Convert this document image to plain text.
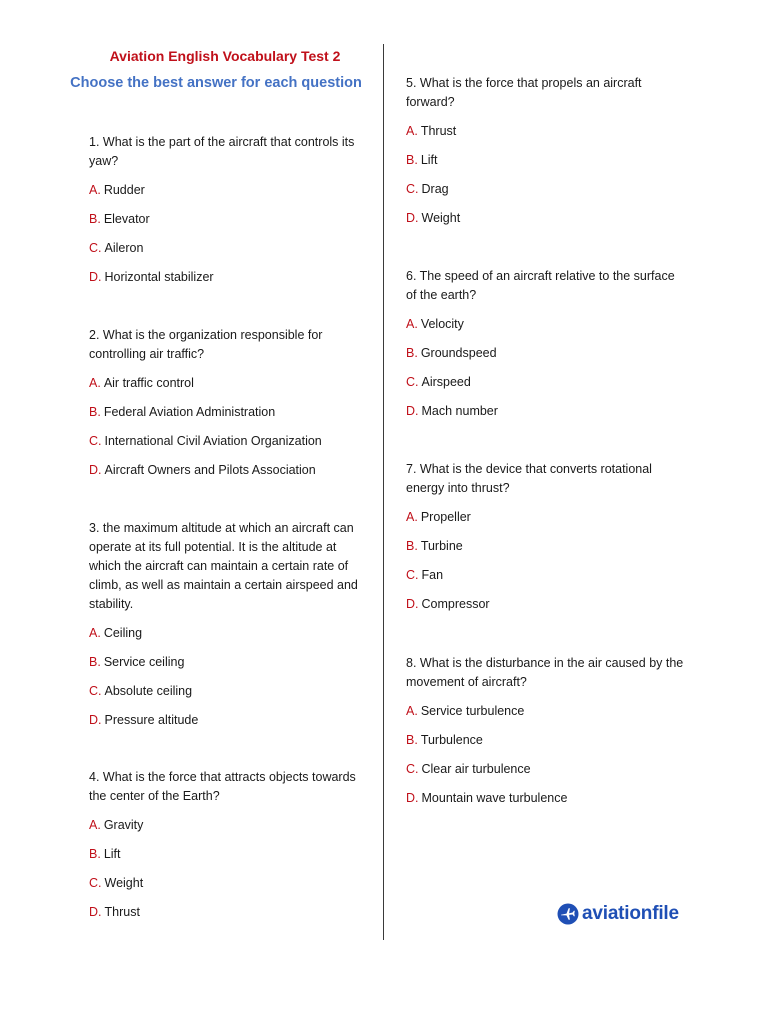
Aviation English Vocabulary Test 2
Choose the best answer for each question
1. What is the part of the aircraft that controls its yaw?
A. Rudder
B. Elevator
C. Aileron
D. Horizontal stabilizer
2. What is the organization responsible for controlling air traffic?
A. Air traffic control
B. Federal Aviation Administration
C. International Civil Aviation Organization
D. Aircraft Owners and Pilots Association
3. the maximum altitude at which an aircraft can operate at its full potential. It is the altitude at which the aircraft can maintain a certain rate of climb, as well as maintain a certain airspeed and stability.
A. Ceiling
B. Service ceiling
C. Absolute ceiling
D. Pressure altitude
4. What is the force that attracts objects towards the center of the Earth?
A. Gravity
B. Lift
C. Weight
D. Thrust
5. What is the force that propels an aircraft forward?
A. Thrust
B. Lift
C. Drag
D. Weight
6. The speed of an aircraft relative to the surface of the earth?
A. Velocity
B. Groundspeed
C. Airspeed
D. Mach number
7. What is the device that converts rotational energy into thrust?
A. Propeller
B. Turbine
C. Fan
D. Compressor
8. What is the disturbance in the air caused by the movement of aircraft?
A. Service turbulence
B. Turbulence
C. Clear air turbulence
D. Mountain wave turbulence
aviationfile
